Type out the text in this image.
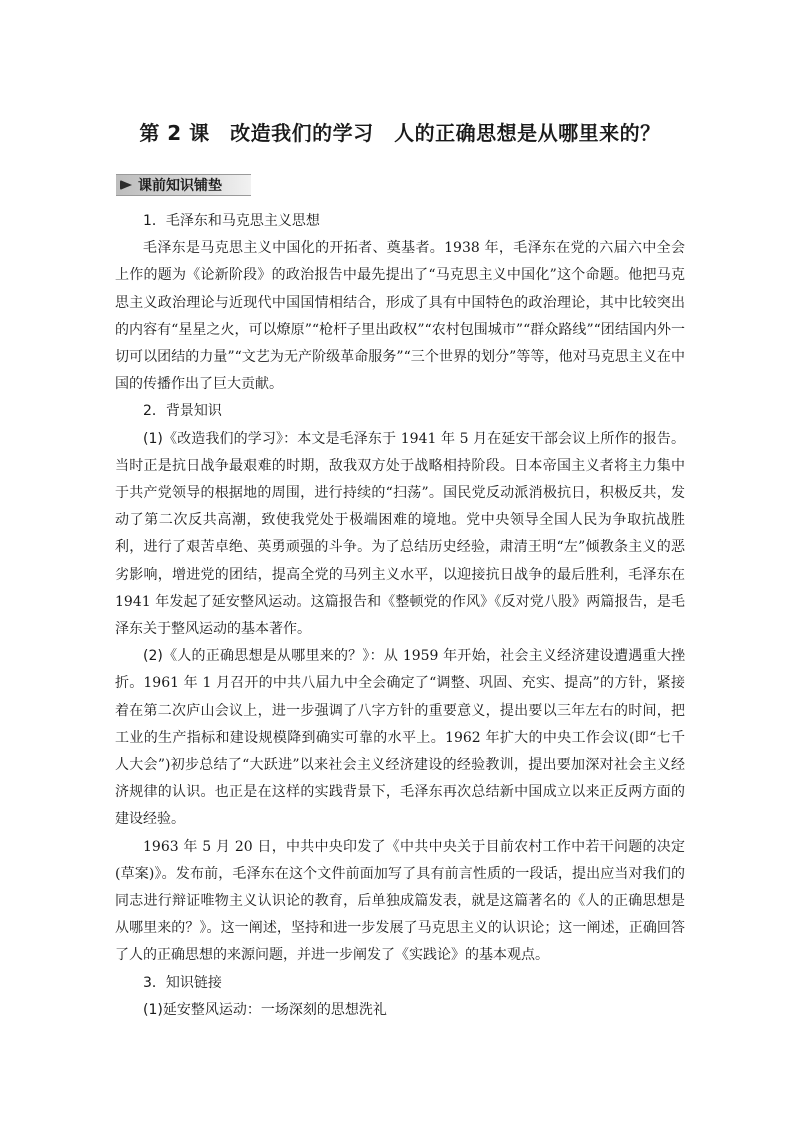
第 2 课　改造我们的学习　人的正确思想是从哪里来的？
课前知识铺垫

1．毛泽东和马克思主义思想

毛泽东是马克思主义中国化的开拓者、奠基者。1938 年，毛泽东在党的六届六中全会上作的题为《论新阶段》的政治报告中最先提出了“马克思主义中国化”这个命题。他把马克思主义政治理论与近现代中国国情相结合，形成了具有中国特色的政治理论，其中比较突出的内容有“星星之火，可以燎原”“枪杆子里出政权”“农村包围城市”“群众路线”“团结国内外一切可以团结的力量”“文艺为无产阶级革命服务”“三个世界的划分”等等，他对马克思主义在中国的传播作出了巨大贡献。

2．背景知识

(1)《改造我们的学习》：本文是毛泽东于 1941 年 5 月在延安干部会议上所作的报告。当时正是抗日战争最艰难的时期，敌我双方处于战略相持阶段。日本帝国主义者将主力集中于共产党领导的根据地的周围，进行持续的“扫荡”。国民党反动派消极抗日，积极反共，发动了第二次反共高潮，致使我党处于极端困难的境地。党中央领导全国人民为争取抗战胜利，进行了艰苦卓绝、英勇顽强的斗争。为了总结历史经验，肃清王明“左”倾教条主义的恶劣影响，增进党的团结，提高全党的马列主义水平，以迎接抗日战争的最后胜利，毛泽东在 1941 年发起了延安整风运动。这篇报告和《整顿党的作风》《反对党八股》两篇报告，是毛泽东关于整风运动的基本著作。

(2)《人的正确思想是从哪里来的？》：从 1959 年开始，社会主义经济建设遭遇重大挫折。1961 年 1 月召开的中共八届九中全会确定了“调整、巩固、充实、提高”的方针，紧接着在第二次庐山会议上，进一步强调了八字方针的重要意义，提出要以三年左右的时间，把工业的生产指标和建设规模降到确实可靠的水平上。1962 年扩大的中央工作会议(即“七千人大会”)初步总结了“大跃进”以来社会主义经济建设的经验教训，提出要加深对社会主义经济规律的认识。也正是在这样的实践背景下，毛泽东再次总结新中国成立以来正反两方面的建设经验。

1963 年 5 月 20 日，中共中央印发了《中共中央关于目前农村工作中若干问题的决定(草案)》。发布前，毛泽东在这个文件前面加写了具有前言性质的一段话，提出应当对我们的同志进行辩证唯物主义认识论的教育，后单独成篇发表，就是这篇著名的《人的正确思想是从哪里来的？》。这一阐述，坚持和进一步发展了马克思主义的认识论；这一阐述，正确回答了人的正确思想的来源问题，并进一步阐发了《实践论》的基本观点。

3．知识链接

(1)延安整风运动：一场深刻的思想洗礼
